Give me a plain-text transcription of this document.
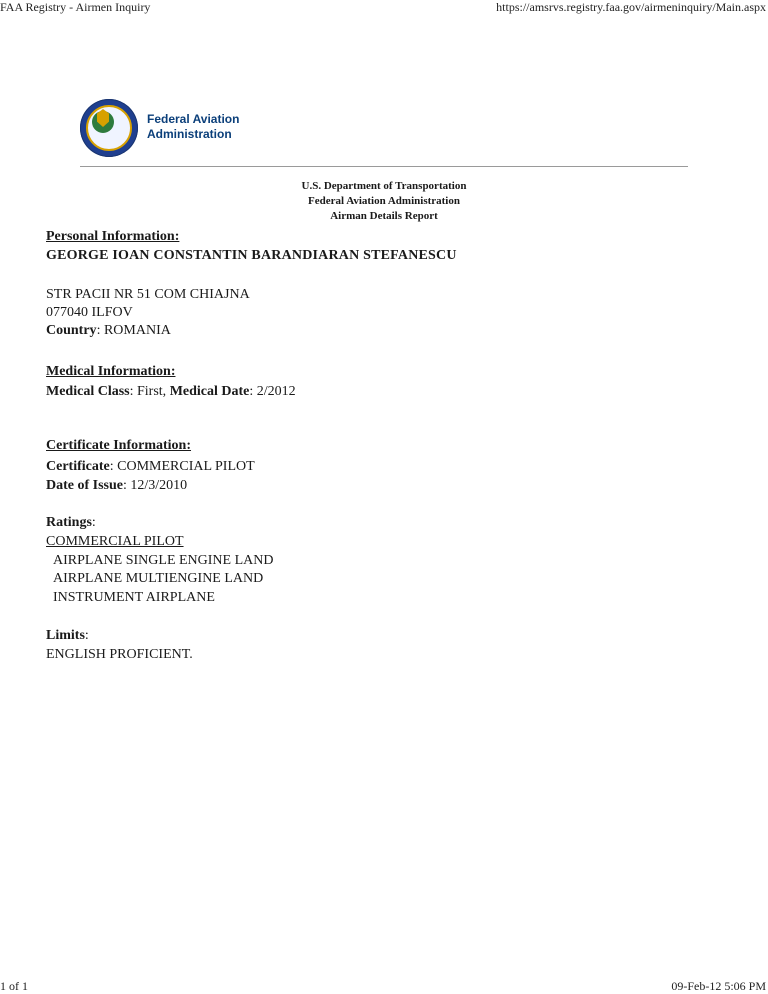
FAA Registry - Airmen Inquiry	https://amsrvs.registry.faa.gov/airmeninquiry/Main.aspx
Federal Aviation
Administration
U.S. Department of Transportation
Federal Aviation Administration
Airman Details Report
Personal Information:
GEORGE IOAN CONSTANTIN BARANDIARAN STEFANESCU
STR PACII NR 51 COM CHIAJNA
077040 ILFOV
Country: ROMANIA
Medical Information:
Medical Class: First, Medical Date: 2/2012
Certificate Information:
Certificate: COMMERCIAL PILOT
Date of Issue: 12/3/2010
Ratings:
COMMERCIAL PILOT
AIRPLANE SINGLE ENGINE LAND
AIRPLANE MULTIENGINE LAND
INSTRUMENT AIRPLANE
Limits:
ENGLISH PROFICIENT.
1 of 1	09-Feb-12 5:06 PM
